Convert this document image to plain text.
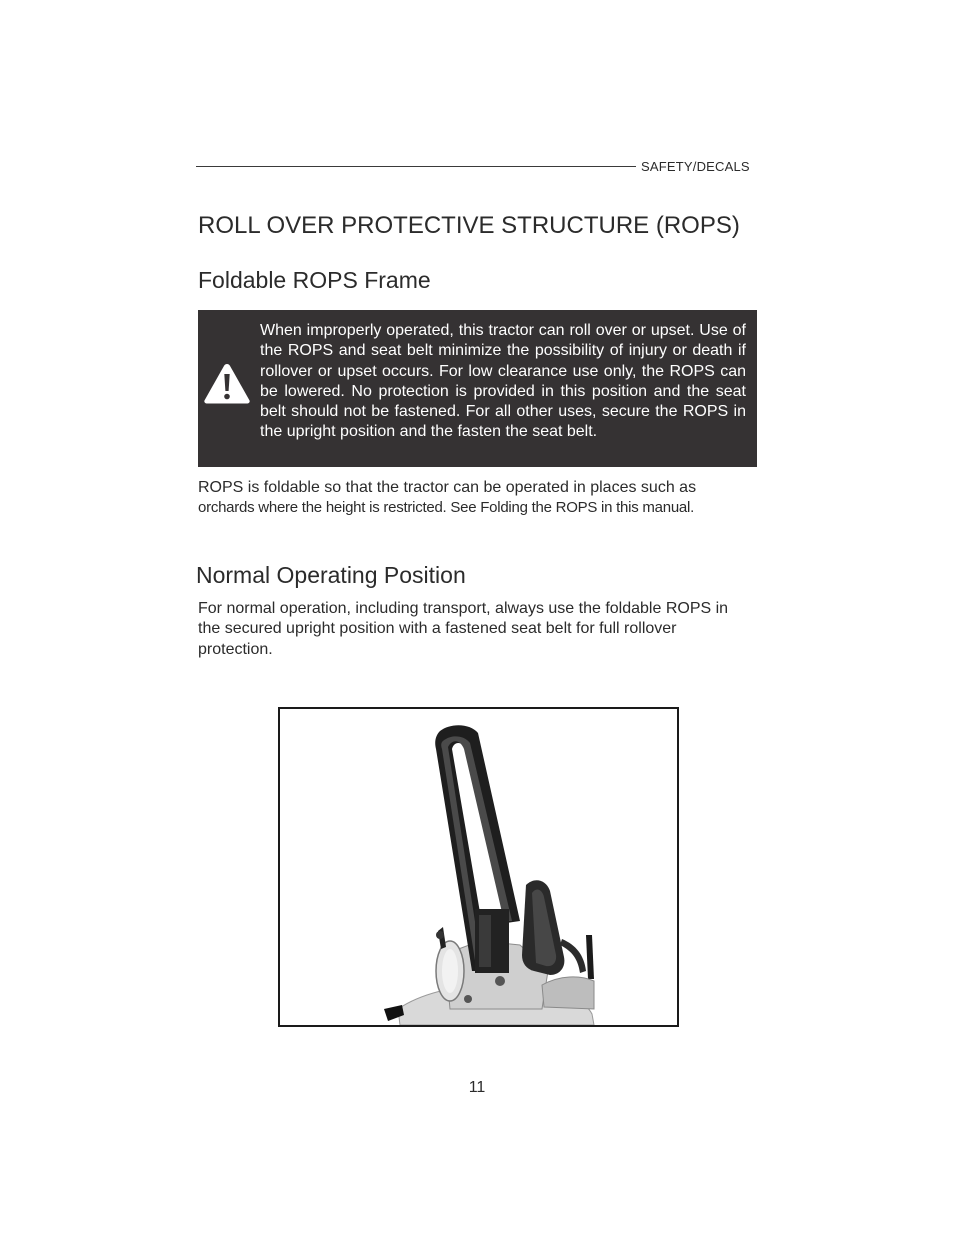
SAFETY/DECALS
ROLL OVER PROTECTIVE STRUCTURE (ROPS)
Foldable ROPS Frame
When improperly operated, this tractor can roll over or upset. Use of the ROPS and seat belt minimize the possibility of injury or death if rollover or upset occurs. For low clearance use only, the ROPS can be lowered. No protection is provided in this position and the seat belt should not be fastened. For all other uses, secure the ROPS in the upright position and the fasten the seat belt.
ROPS is foldable so that the tractor can be operated in places such as
orchards where the height is restricted. See Folding the ROPS in this manual.
Normal Operating Position
For normal operation, including transport, always use the foldable ROPS in the secured upright position with a fastened seat belt for full rollover protection.
11
